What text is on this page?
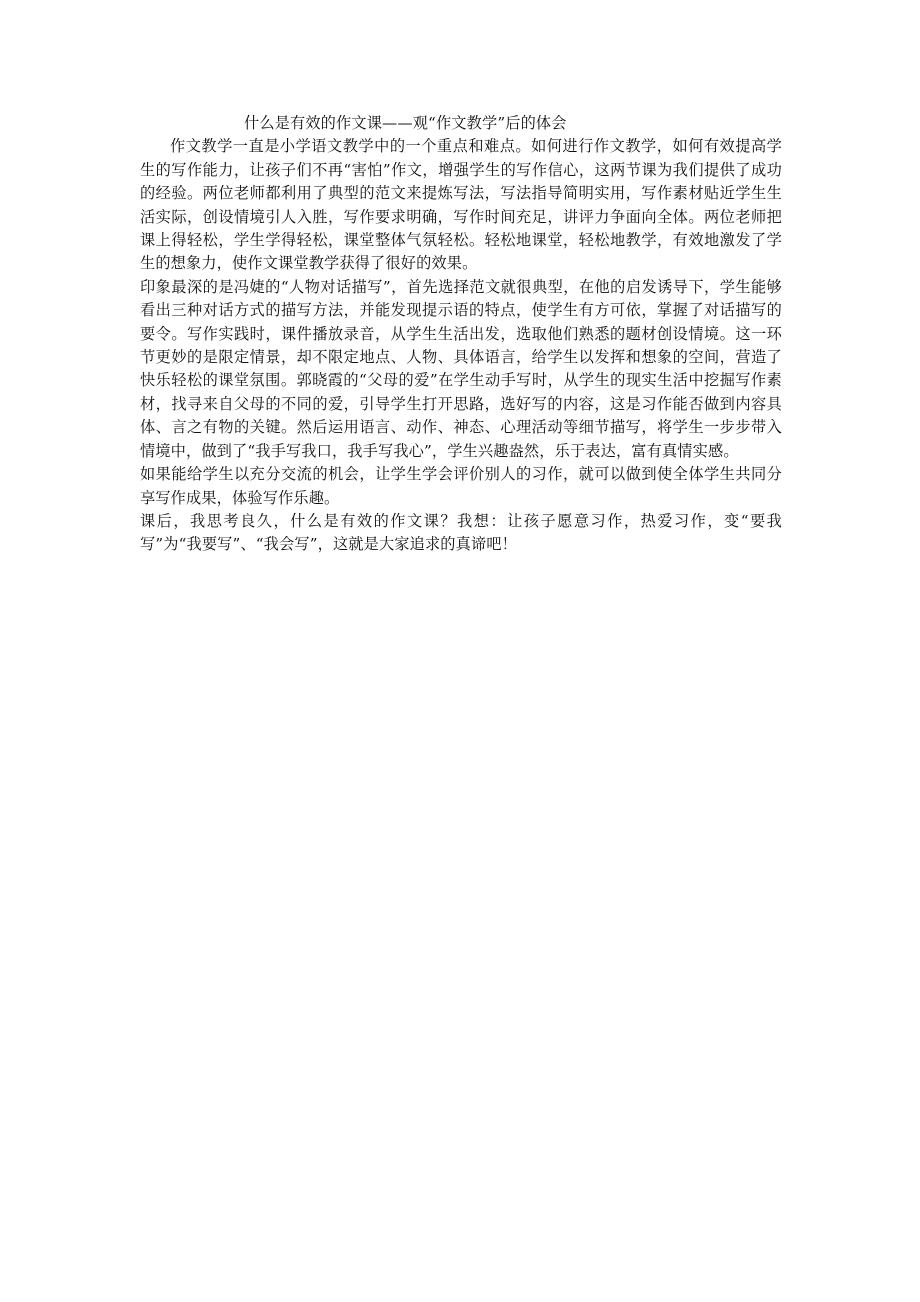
什么是有效的作文课——观“作文教学”后的体会

作文教学一直是小学语文教学中的一个重点和难点。如何进行作文教学，如何有效提高学生的写作能力，让孩子们不再“害怕”作文，增强学生的写作信心，这两节课为我们提供了成功的经验。两位老师都利用了典型的范文来提炼写法，写法指导简明实用，写作素材贴近学生生活实际，创设情境引人入胜，写作要求明确，写作时间充足，讲评力争面向全体。两位老师把课上得轻松，学生学得轻松，课堂整体气氛轻松。轻松地课堂，轻松地教学，有效地激发了学生的想象力，使作文课堂教学获得了很好的效果。

印象最深的是冯婕的“人物对话描写”，首先选择范文就很典型，在他的启发诱导下，学生能够看出三种对话方式的描写方法，并能发现提示语的特点，使学生有方可依，掌握了对话描写的要令。写作实践时，课件播放录音，从学生生活出发，选取他们熟悉的题材创设情境。这一环节更妙的是限定情景，却不限定地点、人物、具体语言，给学生以发挥和想象的空间，营造了快乐轻松的课堂氛围。郭晓霞的“父母的爱”在学生动手写时，从学生的现实生活中挖掘写作素材，找寻来自父母的不同的爱，引导学生打开思路，选好写的内容，这是习作能否做到内容具体、言之有物的关键。然后运用语言、动作、神态、心理活动等细节描写，将学生一步步带入情境中，做到了“我手写我口，我手写我心”，学生兴趣盎然，乐于表达，富有真情实感。

如果能给学生以充分交流的机会，让学生学会评价别人的习作，就可以做到使全体学生共同分享写作成果，体验写作乐趣。

课后，我思考良久，什么是有效的作文课？我想：让孩子愿意习作，热爱习作，变“要我写”为“我要写”、“我会写”，这就是大家追求的真谛吧！
